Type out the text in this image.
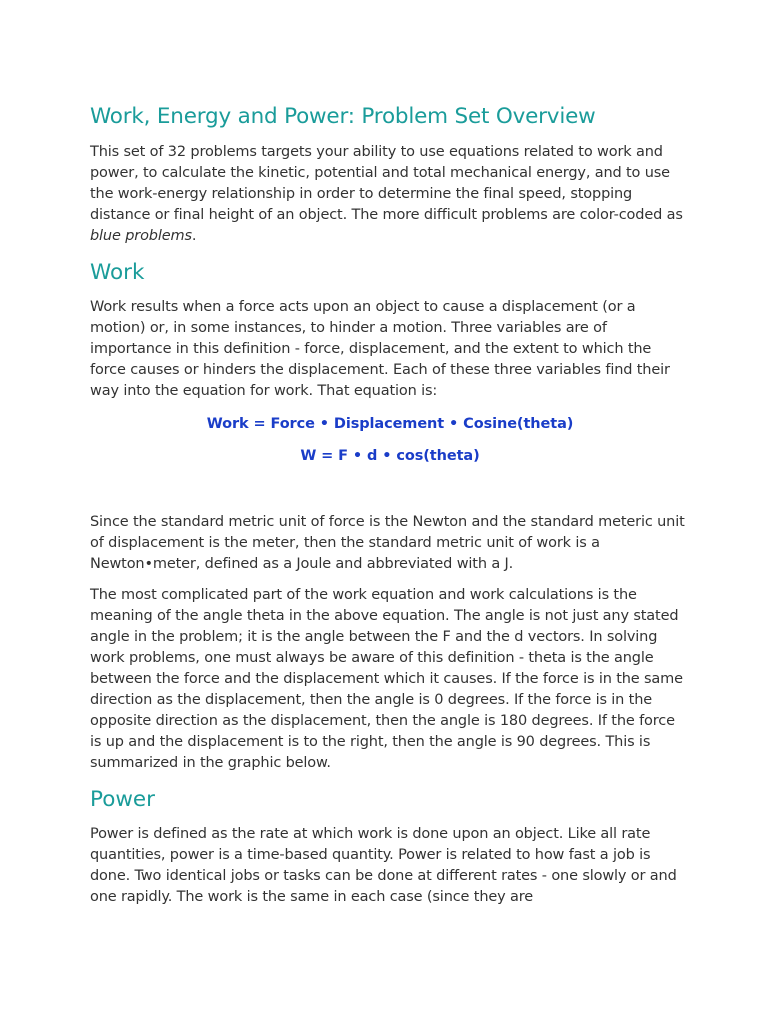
Work, Energy and Power: Problem Set Overview

This set of 32 problems targets your ability to use equations related to work and power, to calculate the kinetic, potential and total mechanical energy, and to use the work-energy relationship in order to determine the final speed, stopping distance or final height of an object. The more difficult problems are color-coded as blue problems.

Work

Work results when a force acts upon an object to cause a displacement (or a motion) or, in some instances, to hinder a motion. Three variables are of importance in this definition - force, displacement, and the extent to which the force causes or hinders the displacement. Each of these three variables find their way into the equation for work. That equation is:

Work = Force • Displacement • Cosine(theta)
W = F • d • cos(theta)

Since the standard metric unit of force is the Newton and the standard meteric unit of displacement is the meter, then the standard metric unit of work is a Newton•meter, defined as a Joule and abbreviated with a J.

The most complicated part of the work equation and work calculations is the meaning of the angle theta in the above equation. The angle is not just any stated angle in the problem; it is the angle between the F and the d vectors. In solving work problems, one must always be aware of this definition - theta is the angle between the force and the displacement which it causes. If the force is in the same direction as the displacement, then the angle is 0 degrees. If the force is in the opposite direction as the displacement, then the angle is 180 degrees. If the force is up and the displacement is to the right, then the angle is 90 degrees. This is summarized in the graphic below.

Power

Power is defined as the rate at which work is done upon an object. Like all rate quantities, power is a time-based quantity. Power is related to how fast a job is done. Two identical jobs or tasks can be done at different rates - one slowly or and one rapidly. The work is the same in each case (since they are
